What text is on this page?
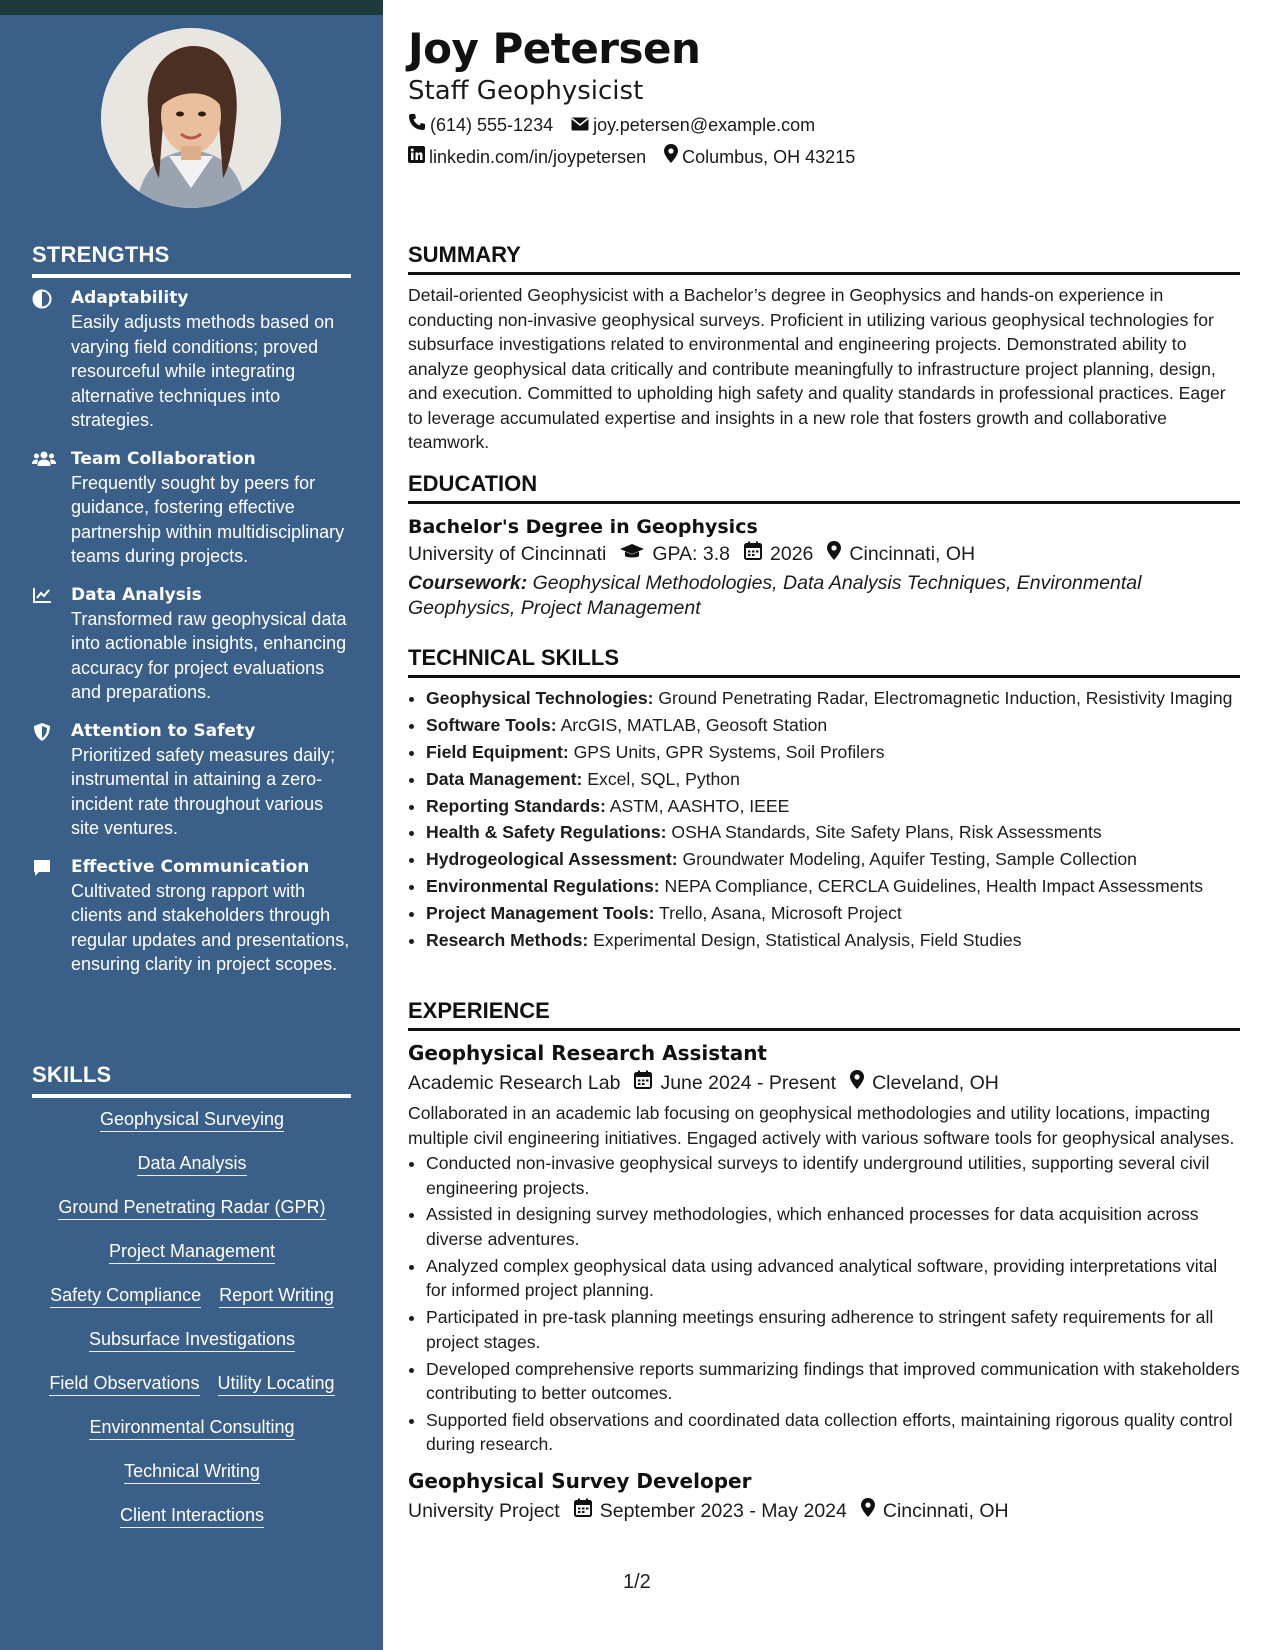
STRENGTHS
Adaptability
Easily adjusts methods based on varying field conditions; proved resourceful while integrating alternative techniques into strategies.
Team Collaboration
Frequently sought by peers for guidance, fostering effective partnership within multidisciplinary teams during projects.
Data Analysis
Transformed raw geophysical data into actionable insights, enhancing accuracy for project evaluations and preparations.
Attention to Safety
Prioritized safety measures daily; instrumental in attaining a zero-incident rate throughout various site ventures.
Effective Communication
Cultivated strong rapport with clients and stakeholders through regular updates and presentations, ensuring clarity in project scopes.
SKILLS
Geophysical Surveying
Data Analysis
Ground Penetrating Radar (GPR)
Project Management
Safety Compliance Report Writing
Subsurface Investigations
Field Observations Utility Locating
Environmental Consulting
Technical Writing
Client Interactions
Joy Petersen
Staff Geophysicist
(614) 555-1234 joy.petersen@example.com
linkedin.com/in/joypetersen Columbus, OH 43215
SUMMARY
Detail-oriented Geophysicist with a Bachelor’s degree in Geophysics and hands-on experience in conducting non-invasive geophysical surveys. Proficient in utilizing various geophysical technologies for subsurface investigations related to environmental and engineering projects. Demonstrated ability to analyze geophysical data critically and contribute meaningfully to infrastructure project planning, design, and execution. Committed to upholding high safety and quality standards in professional practices. Eager to leverage accumulated expertise and insights in a new role that fosters growth and collaborative teamwork.
EDUCATION
Bachelor's Degree in Geophysics
University of Cincinnati GPA: 3.8 2026 Cincinnati, OH
Coursework: Geophysical Methodologies, Data Analysis Techniques, Environmental Geophysics, Project Management
TECHNICAL SKILLS
• Geophysical Technologies: Ground Penetrating Radar, Electromagnetic Induction, Resistivity Imaging
• Software Tools: ArcGIS, MATLAB, Geosoft Station
• Field Equipment: GPS Units, GPR Systems, Soil Profilers
• Data Management: Excel, SQL, Python
• Reporting Standards: ASTM, AASHTO, IEEE
• Health & Safety Regulations: OSHA Standards, Site Safety Plans, Risk Assessments
• Hydrogeological Assessment: Groundwater Modeling, Aquifer Testing, Sample Collection
• Environmental Regulations: NEPA Compliance, CERCLA Guidelines, Health Impact Assessments
• Project Management Tools: Trello, Asana, Microsoft Project
• Research Methods: Experimental Design, Statistical Analysis, Field Studies
EXPERIENCE
Geophysical Research Assistant
Academic Research Lab June 2024 - Present Cleveland, OH
Collaborated in an academic lab focusing on geophysical methodologies and utility locations, impacting multiple civil engineering initiatives. Engaged actively with various software tools for geophysical analyses.
• Conducted non-invasive geophysical surveys to identify underground utilities, supporting several civil engineering projects.
• Assisted in designing survey methodologies, which enhanced processes for data acquisition across diverse adventures.
• Analyzed complex geophysical data using advanced analytical software, providing interpretations vital for informed project planning.
• Participated in pre-task planning meetings ensuring adherence to stringent safety requirements for all project stages.
• Developed comprehensive reports summarizing findings that improved communication with stakeholders contributing to better outcomes.
• Supported field observations and coordinated data collection efforts, maintaining rigorous quality control during research.
Geophysical Survey Developer
University Project September 2023 - May 2024 Cincinnati, OH
1/2
